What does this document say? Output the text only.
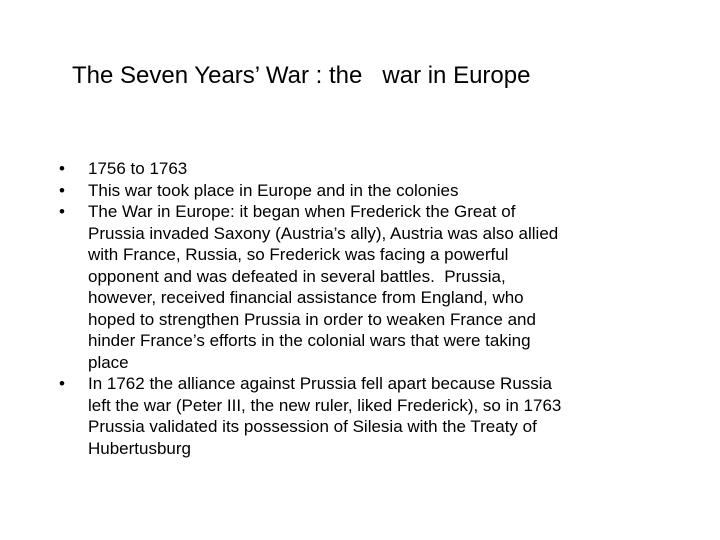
The Seven Years’ War : the   war in Europe
• 1756 to 1763
• This war took place in Europe and in the colonies
• The War in Europe: it began when Frederick the Great of
Prussia invaded Saxony (Austria’s ally), Austria was also allied
with France, Russia, so Frederick was facing a powerful
opponent and was defeated in several battles.  Prussia,
however, received financial assistance from England, who
hoped to strengthen Prussia in order to weaken France and
hinder France’s efforts in the colonial wars that were taking
place
• In 1762 the alliance against Prussia fell apart because Russia
left the war (Peter III, the new ruler, liked Frederick), so in 1763
Prussia validated its possession of Silesia with the Treaty of
Hubertusburg
